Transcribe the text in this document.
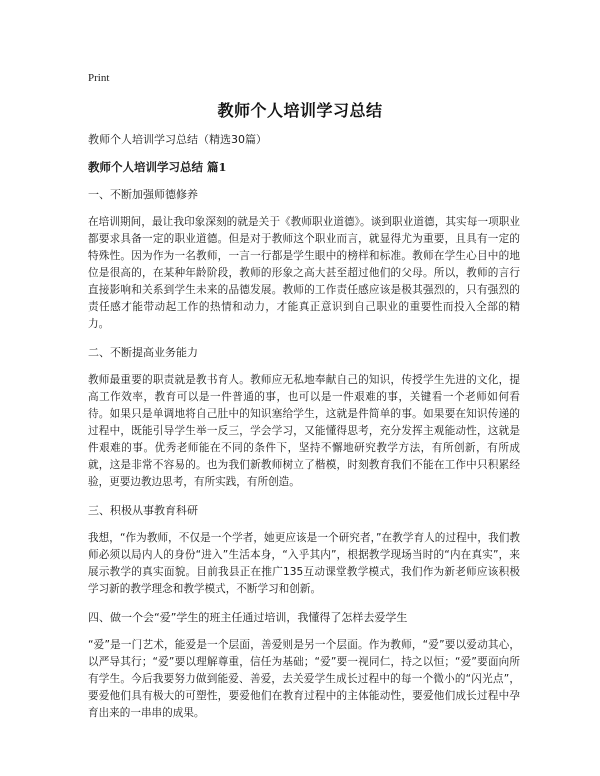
Print
教师个人培训学习总结
教师个人培训学习总结（精选30篇）
教师个人培训学习总结 篇1
一、不断加强师德修养
在培训期间，最让我印象深刻的就是关于《教师职业道德》。谈到职业道德，其实每一项职业都要求具备一定的职业道德。但是对于教师这个职业而言，就显得尤为重要，且具有一定的特殊性。因为作为一名教师，一言一行都是学生眼中的榜样和标准。教师在学生心目中的地位是很高的，在某种年龄阶段，教师的形象之高大甚至超过他们的父母。所以，教师的言行直接影响和关系到学生未来的品德发展。教师的工作责任感应该是极其强烈的，只有强烈的责任感才能带动起工作的热情和动力，才能真正意识到自己职业的重要性而投入全部的精力。
二、不断提高业务能力
教师最重要的职责就是教书育人。教师应无私地奉献自己的知识，传授学生先进的文化，提高工作效率，教育可以是一件普通的事，也可以是一件艰难的事，关键看一个老师如何看待。如果只是单调地将自己肚中的知识塞给学生，这就是件简单的事。如果要在知识传递的过程中，既能引导学生举一反三，学会学习，又能懂得思考，充分发挥主观能动性，这就是件艰难的事。优秀老师能在不同的条件下，坚持不懈地研究教学方法，有所创新，有所成就，这是非常不容易的。也为我们新教师树立了楷模，时刻教育我们不能在工作中只积累经验，更要边教边思考，有所实践，有所创造。
三、积极从事教育科研
我想，“作为教师，不仅是一个学者，她更应该是一个研究者，”在教学育人的过程中，我们教师必须以局内人的身份“进入”生活本身，“入乎其内”，根据教学现场当时的“内在真实”，来展示教学的真实面貌。目前我县正在推广135互动课堂教学模式，我们作为新老师应该积极学习新的教学理念和教学模式，不断学习和创新。
四、做一个会“爱”学生的班主任通过培训，我懂得了怎样去爱学生
“爱”是一门艺术，能爱是一个层面，善爱则是另一个层面。作为教师，“爱”要以爱动其心，以严导其行；“爱”要以理解尊重，信任为基础；“爱”要一视同仁，持之以恒；“爱”要面向所有学生。今后我要努力做到能爱、善爱，去关爱学生成长过程中的每一个微小的“闪光点”，要爱他们具有极大的可塑性，要爱他们在教育过程中的主体能动性，要爱他们成长过程中孕育出来的一串串的成果。
